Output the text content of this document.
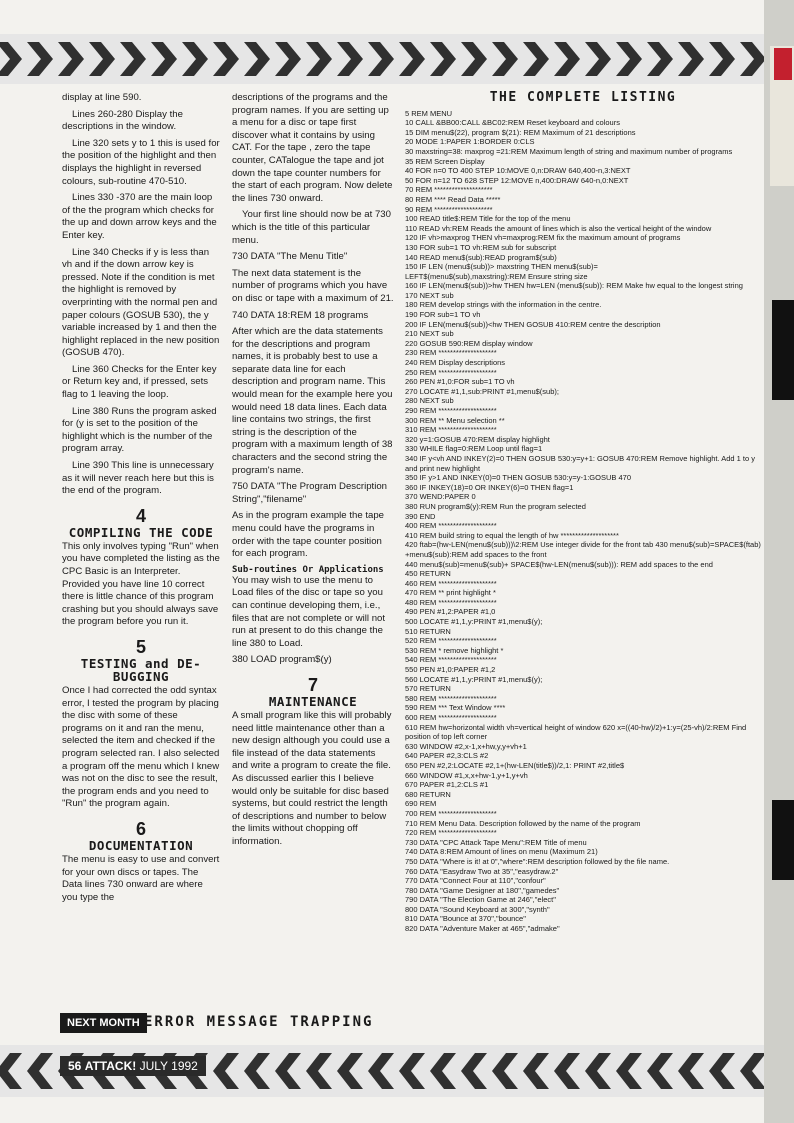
display at line 590.

Lines 260-280 Display the descriptions in the window.

Line 320 sets y to 1 this is used for the position of the highlight and then displays the highlight in reversed colours, sub-routine 470-510.

Lines 330 -370 are the main loop of the the program which checks for the up and down arrow keys and the Enter key.

Line 340 Checks if y is less than vh and if the down arrow key is pressed. Note if the condition is met the highlight is removed by overprinting with the normal pen and paper colours (GOSUB 530), the y variable increased by 1 and then the highlight replaced in the new position (GOSUB 470).

Line 360 Checks for the Enter key or Return key and, if pressed, sets flag to 1 leaving the loop.

Line 380 Runs the program asked for (y is set to the position of the highlight which is the number of the program array.

Line 390 This line is unnecessary as it will never reach here but this is the end of the program.

4
COMPILING THE CODE

This only involves typing "Run" when you have completed the listing as the CPC Basic is an Interpreter. Provided you have line 10 correct there is little chance of this program crashing but you should always save the program before you run it.

5
TESTING and DE-BUGGING

Once I had corrected the odd syntax error, I tested the program by placing the disc with some of these programs on it and ran the menu, selected the item and checked if the program selected ran. I also selected a program off the menu which I knew was not on the disc to see the result, the program ends and you need to "Run" the program again.

6
DOCUMENTATION

The menu is easy to use and convert for your own discs or tapes. The Data lines 730 onward are where you type the

descriptions of the programs and the program names. If you are setting up a menu for a disc or tape first discover what it contains by using CAT. For the tape , zero the tape counter, CATalogue the tape and jot down the tape counter numbers for the start of each program. Now delete the lines 730 onward.

Your first line should now be at 730 which is the title of this particular menu.

730 DATA "The Menu Title"

The next data statement is the number of programs which you have on disc or tape with a maximum of 21.

740 DATA 18:REM 18 programs

After which are the data statements for the descriptions and program names, it is probably best to use a separate data line for each description and program name. This would mean for the example here you would need 18 data lines. Each data line contains two strings, the first string is the description of the program with a maximum length of 38 characters and the second string the program's name.

750 DATA "The Program Description String","filename"

As in the program example the tape menu could have the programs in order with the tape counter position for each program.

Sub-routines Or Applications

You may wish to use the menu to Load files of the disc or tape so you can continue developing them, i.e., files that are not complete or will not run at present to do this change the line 380 to Load.

380 LOAD program$(y)

7
MAINTENANCE

A small program like this will probably need little maintenance other than a new design although you could use a file instead of the data statements and write a program to create the file. As discussed earlier this I believe would only be suitable for disc based systems, but could restrict the length of descriptions and number to below the limits without chopping off information.

THE COMPLETE LISTING
5 REM MENU
10 CALL &BB00:CALL &BC02:REM Reset keyboard and colours
15 DIM menu$(22), program $(21): REM Maximum of 21 descriptions
20 MODE 1:PAPER 1:BORDER 0:CLS
30 maxstring=38: maxprog =21:REM Maximum length of string and maximum number of programs
35 REM Screen Display
40 FOR n=0 TO 400 STEP 10:MOVE 0,n:DRAW 640,400-n,3:NEXT
50 FOR n=12 TO 628 STEP 12:MOVE n,400:DRAW 640-n,0:NEXT
70 REM ********************
80 REM **** Read Data *****
90 REM ********************
100 READ title$:REM Title for the top of the menu
110 READ vh:REM Reads the amount of lines which is also the vertical height of the window
120 IF vh>maxprog THEN vh=maxprog:REM fix the maximum amount of programs
130 FOR sub=1 TO vh:REM sub for subscript
140 READ menu$(sub):READ program$(sub)
150 IF LEN (menu$(sub))> maxstring THEN menu$(sub)=
LEFT$(menu$(sub),maxstring):REM Ensure string size
160 IF LEN(menu$(sub))>hw THEN hw=LEN (menu$(sub)): REM Make hw equal to the longest string
170 NEXT sub
180 REM develop strings with the information in the centre.
190 FOR sub=1 TO vh
200 IF LEN(menu$(sub))<hw THEN GOSUB 410:REM centre the description
210 NEXT sub
220 GOSUB 590:REM display window
230 REM ********************
240 REM Display descriptions
250 REM ********************
260 PEN #1,0:FOR sub=1 TO vh
270 LOCATE #1,1,sub:PRINT #1,menu$(sub);
280 NEXT sub
290 REM ********************
300 REM ** Menu selection **
310 REM ********************
320 y=1:GOSUB 470:REM display highlight
330 WHILE flag=0:REM Loop until flag=1
340 IF y<vh AND INKEY(2)=0 THEN GOSUB 530:y=y+1: GOSUB 470:REM Remove highlight. Add 1 to y and print new highlight
350 IF y>1 AND INKEY(0)=0 THEN GOSUB 530:y=y-1:GOSUB 470
360 IF INKEY(18)=0 OR INKEY(6)=0 THEN flag=1
370 WEND:PAPER 0
380 RUN program$(y):REM Run the program selected
390 END
400 REM ********************
410 REM build string to equal the length of hw ********************
420 ftab=(hw-LEN(menu$(sub)))\2:REM Use integer divide for the front tab 430 menu$(sub)=SPACE$(ftab) +menu$(sub):REM add spaces to the front
440 menu$(sub)=menu$(sub)+ SPACE$(hw-LEN(menu$(sub))): REM add spaces to the end
450 RETURN
460 REM ********************
470 REM ** print highlight *
480 REM ********************
490 PEN #1,2:PAPER #1,0
500 LOCATE #1,1,y:PRINT #1,menu$(y);
510 RETURN
520 REM ********************
530 REM * remove highlight *
540 REM ********************
550 PEN #1,0:PAPER #1,2
560 LOCATE #1,1,y:PRINT #1,menu$(y);
570 RETURN
580 REM ********************
590 REM *** Text Window ****
600 REM ********************
610 REM hw=horizontal width vh=vertical height of window 620 x=((40-hw)/2)+1:y=(25-vh)/2:REM Find position of top left corner
630 WINDOW #2,x-1,x+hw,y,y+vh+1
640 PAPER #2,3:CLS #2
650 PEN #2,2:LOCATE #2,1+(hw-LEN(title$))/2,1: PRINT #2,title$
660 WINDOW #1,x,x+hw-1,y+1,y+vh
670 PAPER #1,2:CLS #1
680 RETURN
690 REM
700 REM ********************
710 REM Menu Data. Description followed by the name of the program
720 REM ********************
730 DATA "CPC Attack Tape Menu":REM Title of menu
740 DATA 8:REM Amount of lines on menu (Maximum 21)
750 DATA "Where is it! at 0","where":REM description followed by the file name.
760 DATA "Easydraw Two at 35","easydraw.2"
770 DATA "Connect Four at 110","confour"
780 DATA "Game Designer at 180","gamedes"
790 DATA "The Election Game at 246","elect"
800 DATA "Sound Keyboard at 300","synth"
810 DATA "Bounce at 370","bounce"
820 DATA "Adventure Maker at 465","admake"
NEXT MONTH ERROR MESSAGE TRAPPING
56 ATTACK! JULY 1992
